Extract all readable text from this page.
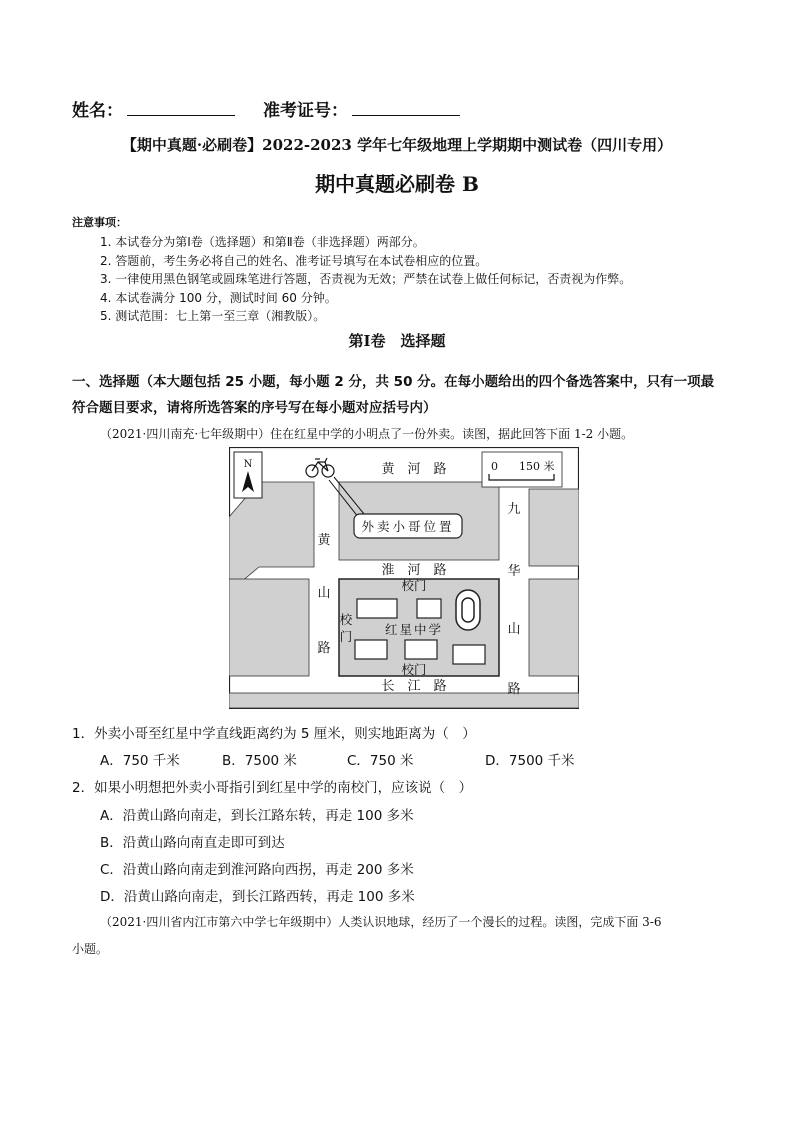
姓名：	准考证号：
【期中真题·必刷卷】2022-2023 学年七年级地理上学期期中测试卷（四川专用）
期中真题必刷卷 B
注意事项：
1. 本试卷分为第Ⅰ卷（选择题）和第Ⅱ卷（非选择题）两部分。
2. 答题前，考生务必将自己的姓名、准考证号填写在本试卷相应的位置。
3. 一律使用黑色钢笔或圆珠笔进行答题，否责视为无效；严禁在试卷上做任何标记，否责视为作弊。
4. 本试卷满分 100 分，测试时间 60 分钟。
5. 测试范围：七上第一至三章（湘教版）。
第Ⅰ卷　选择题
一、选择题（本大题包括 25 小题，每小题 2 分，共 50 分。在每小题给出的四个备选答案中，只有一项最
符合题目要求，请将所选答案的序号写在每小题对应括号内）
（2021·四川南充·七年级期中）住在红星中学的小明点了一份外卖。读图，据此回答下面 1-2 小题。
N	0 150 米
外卖小哥位置
黄　河　路
淮　河　路
长　江　路
黄
山
路
九
华
山
路
校门
红星中学
校门
校
门
1．外卖小哥至红星中学直线距离约为 5 厘米，则实地距离为（　）
A．750 千米	B．7500 米	C．750 米	D．7500 千米
2．如果小明想把外卖小哥指引到红星中学的南校门，应该说（　）
A．沿黄山路向南走，到长江路东转，再走 100 多米
B．沿黄山路向南直走即可到达
C．沿黄山路向南走到淮河路向西拐，再走 200 多米
D．沿黄山路向南走，到长江路西转，再走 100 多米
（2021·四川省内江市第六中学七年级期中）人类认识地球，经历了一个漫长的过程。读图，完成下面 3-6
小题。
